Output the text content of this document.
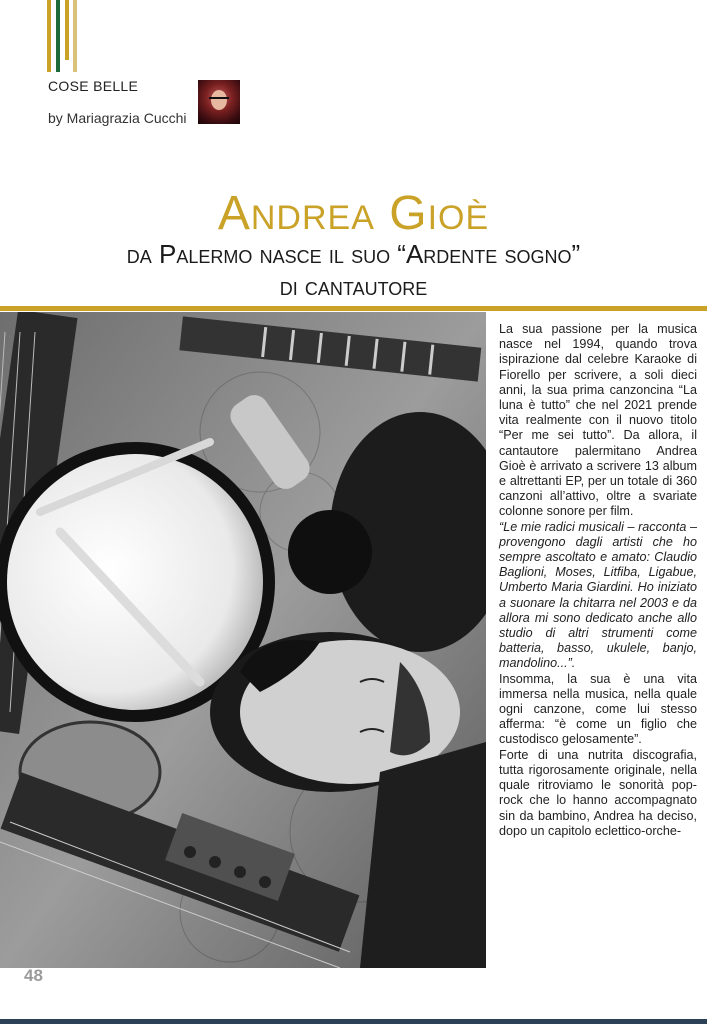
COSE BELLE
by Mariagrazia Cucchi
Andrea Gioè
da Palermo nasce il suo “Ardente sogno”
di cantautore

La sua passione per la musica nasce nel 1994, quando trova ispirazione dal celebre Karaoke di Fiorello per scrivere, a soli dieci anni, la sua prima canzoncina “La luna è tutto” che nel 2021 prende vita realmente con il nuovo titolo “Per me sei tutto”. Da allora, il cantautore palermitano Andrea Gioè è arrivato a scrivere 13 album e altrettanti EP, per un totale di 360 canzoni all’attivo, oltre a svariate colonne sonore per film.

“Le mie radici musicali – racconta – provengono dagli artisti che ho sempre ascoltato e amato: Claudio Baglioni, Moses, Litfiba, Ligabue, Umberto Maria Giardini. Ho iniziato a suonare la chitarra nel 2003 e da allora mi sono dedicato anche allo studio di altri strumenti come batteria, basso, ukulele, banjo, mandolino...”.

Insomma, la sua è una vita immersa nella musica, nella quale ogni canzone, come lui stesso afferma: “è come un figlio che custodisco gelosamente”.

Forte di una nutrita discografia, tutta rigorosamente originale, nella quale ritroviamo le sonorità pop-rock che lo hanno accompagnato sin da bambino, Andrea ha deciso, dopo un capitolo eclettico-orche-

48
